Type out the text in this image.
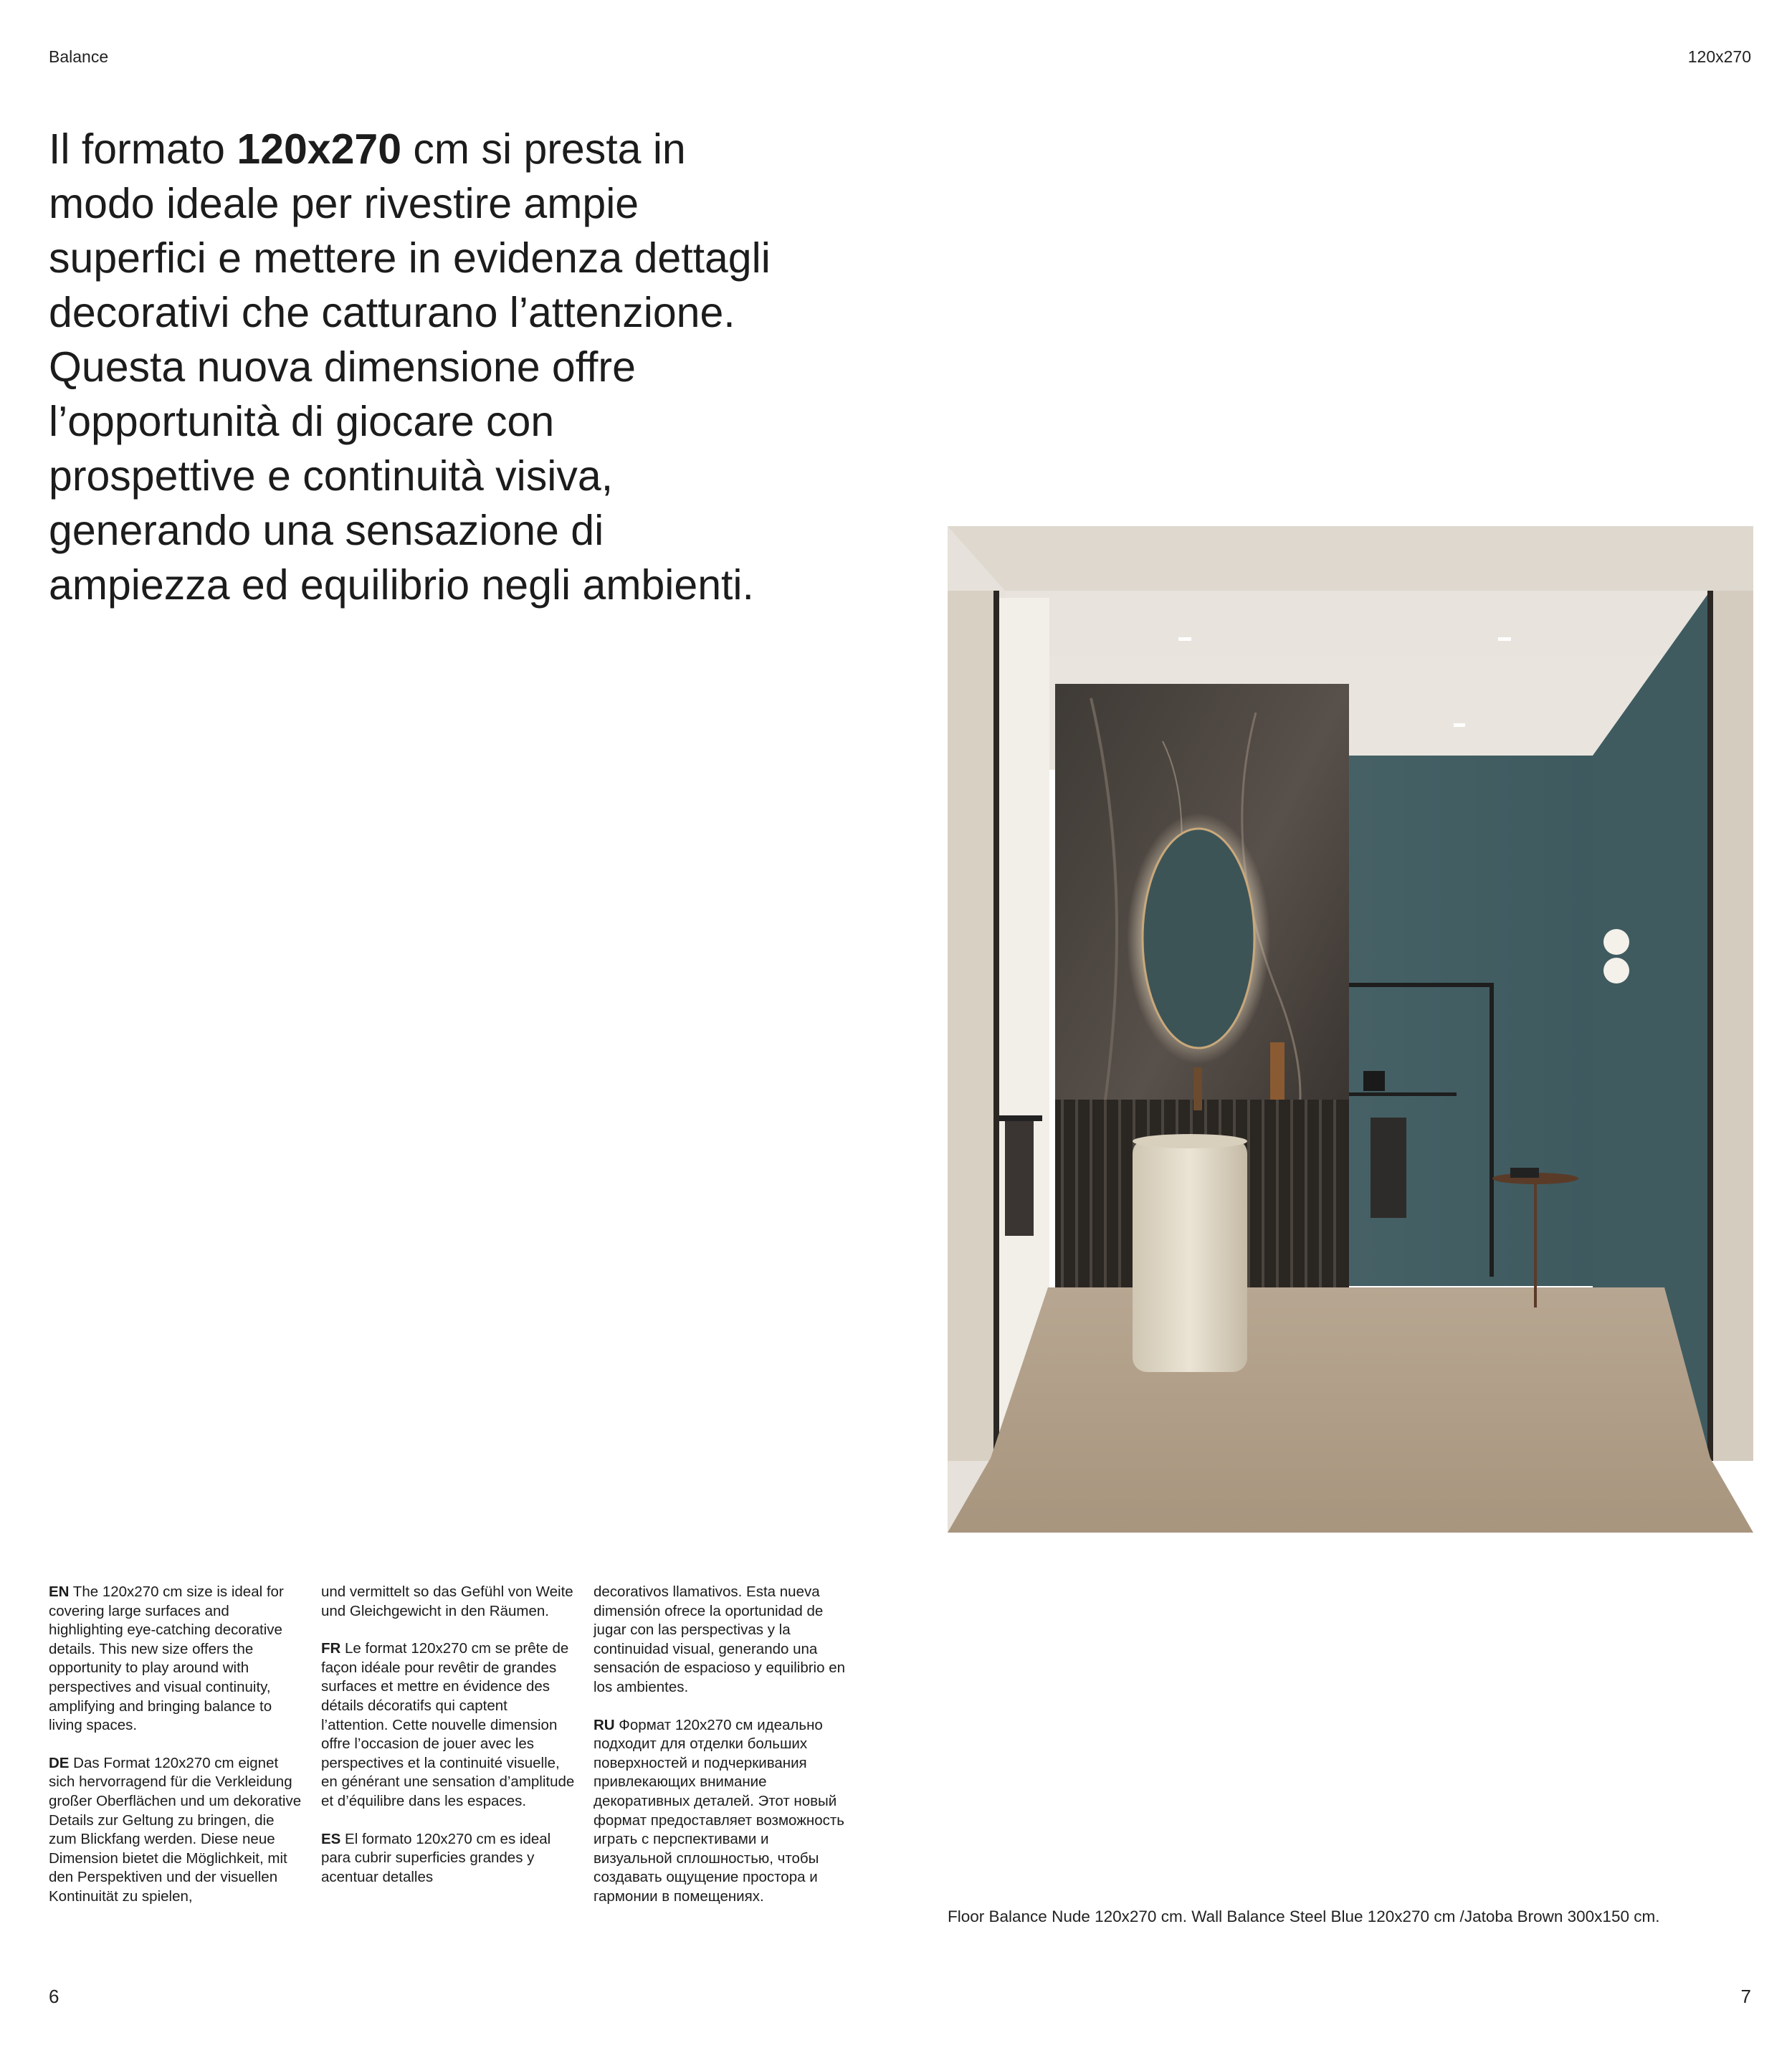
Balance	120x270

Il formato 120x270 cm si presta in modo ideale per rivestire ampie superfici e mettere in evidenza dettagli decorativi che catturano l’attenzione. Questa nuova dimensione offre l’opportunità di giocare con prospettive e continuità visiva, generando una sensazione di ampiezza ed equilibrio negli ambienti.

EN The 120x270 cm size is ideal for covering large surfaces and highlighting eye-catching decorative details. This new size offers the opportunity to play around with perspectives and visual continuity, amplifying and bringing balance to living spaces.

DE Das Format 120x270 cm eignet sich hervorragend für die Verkleidung großer Oberflächen und um dekorative Details zur Geltung zu bringen, die zum Blickfang werden. Diese neue Dimension bietet die Möglichkeit, mit den Perspektiven und der visuellen Kontinuität zu spielen,

und vermittelt so das Gefühl von Weite und Gleichgewicht in den Räumen.

FR Le format 120x270 cm se prête de façon idéale pour revêtir de grandes surfaces et mettre en évidence des détails décoratifs qui captent l’attention. Cette nouvelle dimension offre l’occasion de jouer avec les perspectives et la continuité visuelle, en générant une sensation d’amplitude et d’équilibre dans les espaces.

ES El formato 120x270 cm es ideal para cubrir superficies grandes y acentuar detalles

decorativos llamativos. Esta nueva dimensión ofrece la oportunidad de jugar con las perspectivas y la continuidad visual, generando una sensación de espacioso y equilibrio en los ambientes.

RU Формат 120x270 см идеально подходит для отделки больших поверхностей и подчеркивания привлекающих внимание декоративных деталей. Этот новый формат предоставляет возможность играть с перспективами и визуальной сплошностью, чтобы создавать ощущение простора и гармонии в помещениях.

Floor Balance Nude 120x270 cm. Wall Balance Steel Blue 120x270 cm /Jatoba Brown 300x150 cm.
6	7
